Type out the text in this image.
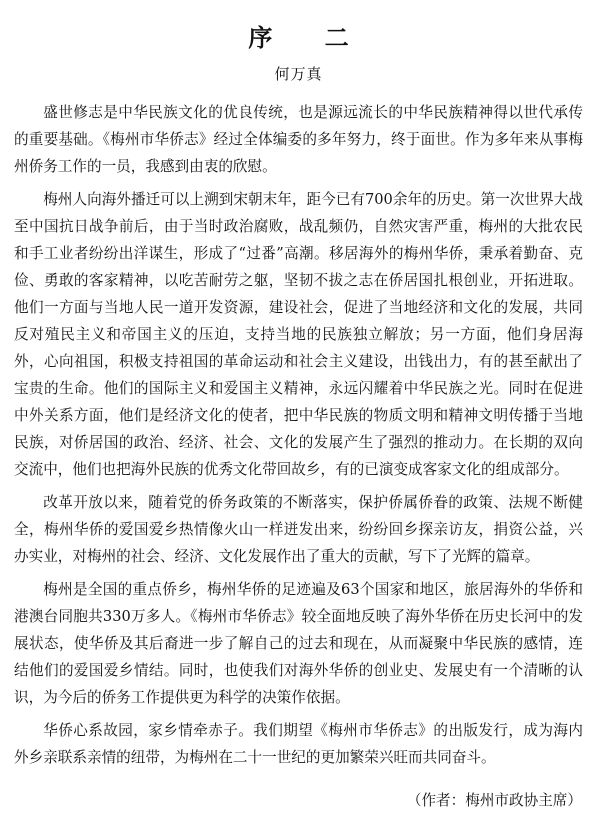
序 二
何万真

盛世修志是中华民族文化的优良传统，也是源远流长的中华民族精神得以世代承传的重要基础。《梅州市华侨志》经过全体编委的多年努力，终于面世。作为多年来从事梅州侨务工作的一员，我感到由衷的欣慰。

梅州人向海外播迁可以上溯到宋朝末年，距今已有700余年的历史。第一次世界大战至中国抗日战争前后，由于当时政治腐败，战乱频仍，自然灾害严重，梅州的大批农民和手工业者纷纷出洋谋生，形成了“过番”高潮。移居海外的梅州华侨，秉承着勤奋、克俭、勇敢的客家精神，以吃苦耐劳之躯，坚韧不拔之志在侨居国扎根创业，开拓进取。他们一方面与当地人民一道开发资源，建设社会，促进了当地经济和文化的发展，共同反对殖民主义和帝国主义的压迫，支持当地的民族独立解放；另一方面，他们身居海外，心向祖国，积极支持祖国的革命运动和社会主义建设，出钱出力，有的甚至献出了宝贵的生命。他们的国际主义和爱国主义精神，永远闪耀着中华民族之光。同时在促进中外关系方面，他们是经济文化的使者，把中华民族的物质文明和精神文明传播于当地民族，对侨居国的政治、经济、社会、文化的发展产生了强烈的推动力。在长期的双向交流中，他们也把海外民族的优秀文化带回故乡，有的已演变成客家文化的组成部分。

改革开放以来，随着党的侨务政策的不断落实，保护侨属侨眷的政策、法规不断健全，梅州华侨的爱国爱乡热情像火山一样迸发出来，纷纷回乡探亲访友，捐资公益，兴办实业，对梅州的社会、经济、文化发展作出了重大的贡献，写下了光辉的篇章。

梅州是全国的重点侨乡，梅州华侨的足迹遍及63个国家和地区，旅居海外的华侨和港澳台同胞共330万多人。《梅州市华侨志》较全面地反映了海外华侨在历史长河中的发展状态，使华侨及其后裔进一步了解自己的过去和现在，从而凝聚中华民族的感情，连结他们的爱国爱乡情结。同时，也使我们对海外华侨的创业史、发展史有一个清晰的认识，为今后的侨务工作提供更为科学的决策作依据。

华侨心系故园，家乡情牵赤子。我们期望《梅州市华侨志》的出版发行，成为海内外乡亲联系亲情的纽带，为梅州在二十一世纪的更加繁荣兴旺而共同奋斗。

（作者：梅州市政协主席）
